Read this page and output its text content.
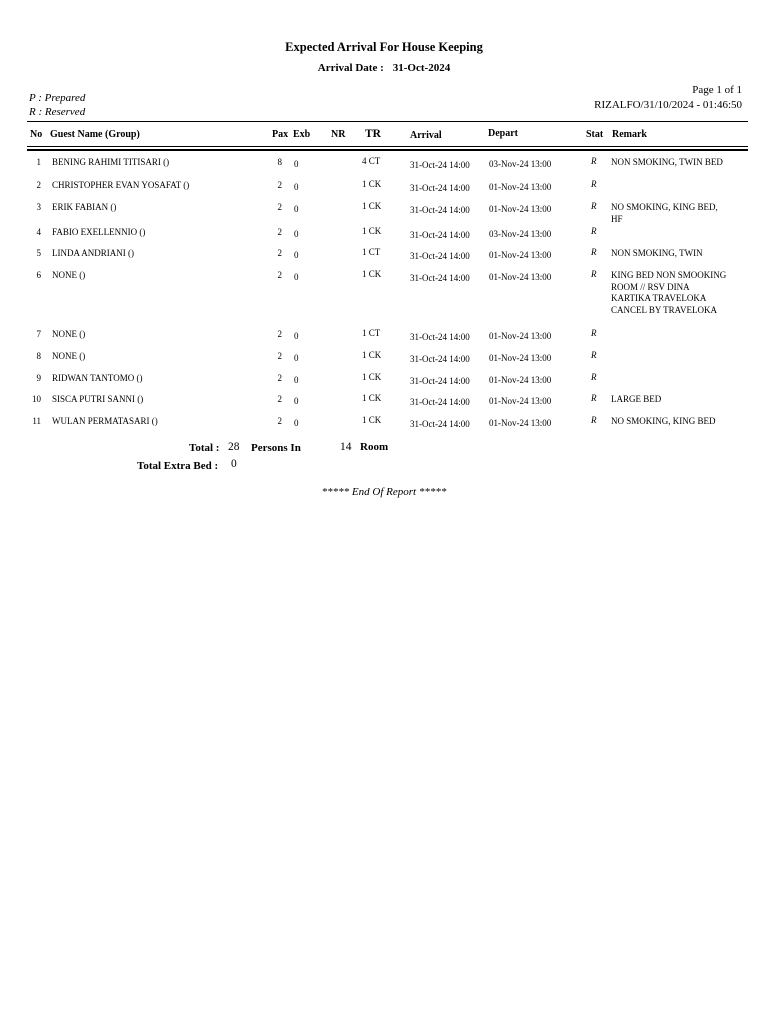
Expected Arrival For House Keeping
Arrival Date : 31-Oct-2024
P : Prepared
R : Reserved
Page 1 of 1
RIZALFO/31/10/2024 - 01:46:50
No Guest Name (Group)	Pax Exb NR TR	Arrival	Depart	Stat Remark
1 BENING RAHIMI TITISARI ()	8 0	4 CT	31-Oct-24 14:00 03-Nov-24 13:00	R NON SMOKING, TWIN BED
2 CHRISTOPHER EVAN YOSAFAT ()	2 0	1 CK	31-Oct-24 14:00 01-Nov-24 13:00	R
3 ERIK FABIAN ()	2 0	1 CK	31-Oct-24 14:00 01-Nov-24 13:00	R NO SMOKING, KING BED, HF
4 FABIO EXELLENNIO ()	2 0	1 CK	31-Oct-24 14:00 03-Nov-24 13:00	R
5 LINDA ANDRIANI ()	2 0	1 CT	31-Oct-24 14:00 01-Nov-24 13:00	R NON SMOKING, TWIN
6 NONE ()	2 0	1 CK	31-Oct-24 14:00 01-Nov-24 13:00	R KING BED NON SMOOKING ROOM // RSV DINA KARTIKA TRAVELOKA CANCEL BY TRAVELOKA
7 NONE ()	2 0	1 CT	31-Oct-24 14:00 01-Nov-24 13:00	R
8 NONE ()	2 0	1 CK	31-Oct-24 14:00 01-Nov-24 13:00	R
9 RIDWAN TANTOMO ()	2 0	1 CK	31-Oct-24 14:00 01-Nov-24 13:00	R
10 SISCA PUTRI SANNI ()	2 0	1 CK	31-Oct-24 14:00 01-Nov-24 13:00	R LARGE BED
11 WULAN PERMATASARI ()	2 0	1 CK	31-Oct-24 14:00 01-Nov-24 13:00	R NO SMOKING, KING BED
Total : 28 Persons In	14 Room
Total Extra Bed : 0
***** End Of Report *****
